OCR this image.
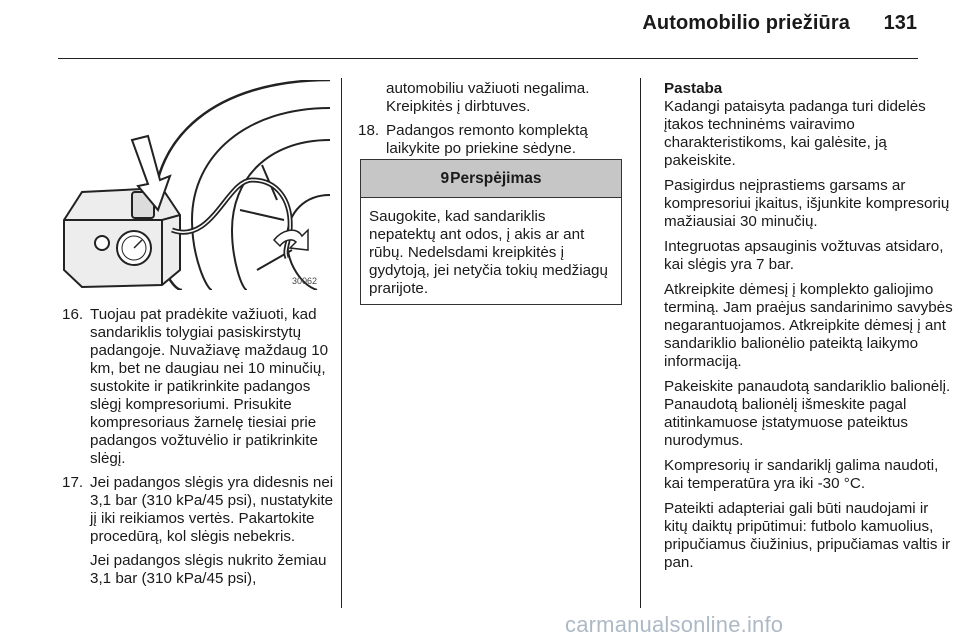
Automobilio priežiūra 131
30062
16. Tuojau pat pradėkite važiuoti, kad sandariklis tolygiai pasiskirstytų padangoje. Nuvažiavę maždaug 10 km, bet ne daugiau nei 10 minučių, sustokite ir patikrinkite padangos slėgį kompresoriumi. Prisukite kompresoriaus žarnelę tiesiai prie padangos vožtuvėlio ir patikrinkite slėgį.
17. Jei padangos slėgis yra didesnis nei 3,1 bar (310 kPa/45 psi), nustatykite jį iki reikiamos vertės. Pakartokite procedūrą, kol slėgis nebekris.
Jei padangos slėgis nukrito žemiau 3,1 bar (310 kPa/45 psi),
automobiliu važiuoti negalima. Kreipkitės į dirbtuves.
18. Padangos remonto komplektą laikykite po priekine sėdyne.
9 Perspėjimas
Saugokite, kad sandariklis nepatektų ant odos, į akis ar ant rūbų. Nedelsdami kreipkitės į gydytoją, jei netyčia tokių medžiagų prarijote.
Pastaba

Kadangi pataisyta padanga turi didelės įtakos techninėms vairavimo charakteristikoms, kai galėsite, ją pakeiskite.

Pasigirdus neįprastiems garsams ar kompresoriui įkaitus, išjunkite kompresorių mažiausiai 30 minučių.

Integruotas apsauginis vožtuvas atsidaro, kai slėgis yra 7 bar.

Atkreipkite dėmesį į komplekto galiojimo terminą. Jam praėjus sandarinimo savybės negarantuojamos. Atkreipkite dėmesį į ant sandariklio balionėlio pateiktą laikymo informaciją.

Pakeiskite panaudotą sandariklio balionėlį. Panaudotą balionėlį išmeskite pagal atitinkamuose įstatymuose pateiktus nurodymus.

Kompresorių ir sandariklį galima naudoti, kai temperatūra yra iki -30 °C.

Pateikti adapteriai gali būti naudojami ir kitų daiktų pripūtimui: futbolo kamuolius, pripučiamus čiužinius, pripučiamas valtis ir pan.

carmanualsonline.info
